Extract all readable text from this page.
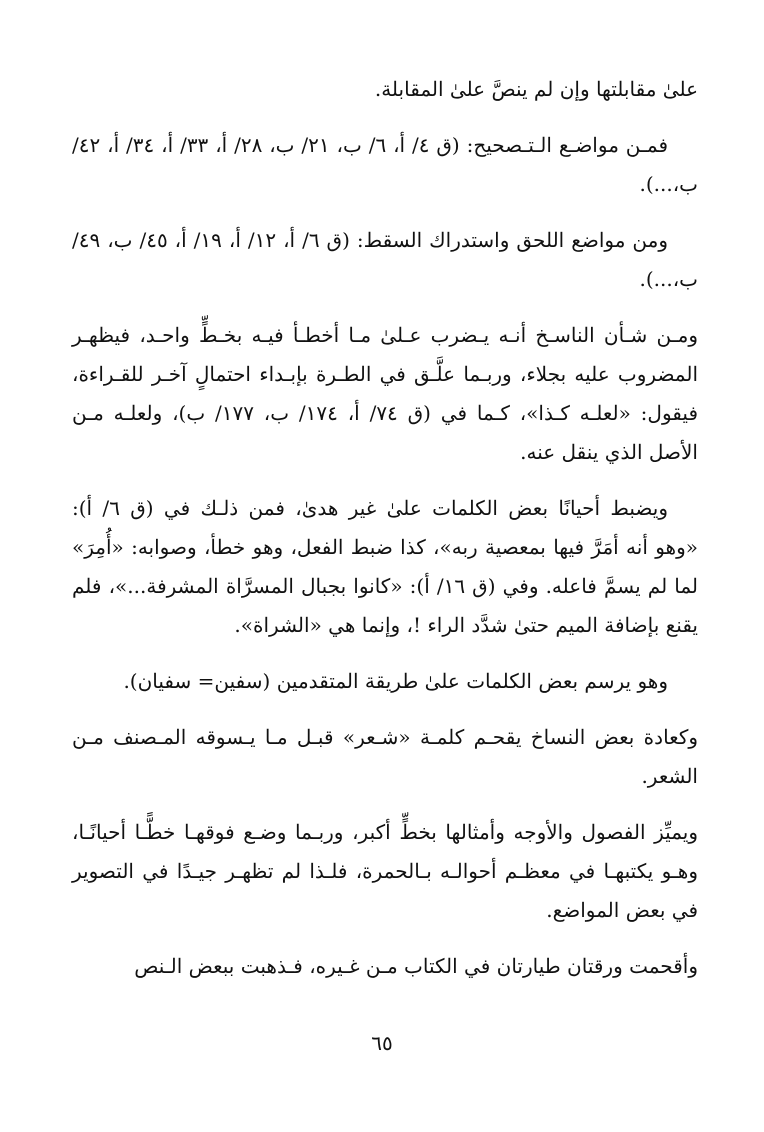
علىٰ مقابلتها وإن لم ينصَّ علىٰ المقابلة.

فمـن مواضـع الـتـصحيح: (ق ٤/ أ، ٦/ ب، ٢١/ ب، ٢٨/ أ، ٣٣/ أ، ٣٤/ أ، ٤٢/ ب،...).

ومن مواضع اللحق واستدراك السقط: (ق ٦/ أ، ١٢/ أ، ١٩/ أ، ٤٥/ ب، ٤٩/ ب،...).

ومـن شـأن الناسـخ أنـه يـضرب عـلىٰ مـا أخطـأ فيـه بخـطٍّ واحـد، فيظهـر المضروب عليه بجلاء، وربـما علَّـق في الطـرة بإبـداء احتمالٍ آخـر للقـراءة، فيقول: «لعلـه كـذا»، كـما في (ق ٧٤/ أ، ١٧٤/ ب، ١٧٧/ ب)، ولعلـه مـن الأصل الذي ينقل عنه.

ويضبط أحيانًا بعض الكلمات علىٰ غير هدىٰ، فمن ذلـك في (ق ٦/ أ): «وهو أنه أمَرَّ فيها بمعصية ربه»، كذا ضبط الفعل، وهو خطأ، وصوابه: «أُمِرَ» لما لم يسمَّ فاعله. وفي (ق ١٦/ أ): «كانوا بجبال المسرَّاة المشرفة...»، فلم يقنع بإضافة الميم حتىٰ شدَّد الراء !، وإنما هي «الشراة».

وهو يرسم بعض الكلمات علىٰ طريقة المتقدمين (سفين= سفيان).

وكعادة بعض النساخ يقحـم كلمـة «شـعر» قبـل مـا يـسوقه المـصنف مـن الشعر.

ويميِّز الفصول والأوجه وأمثالها بخطٍّ أكبر، وربـما وضـع فوقهـا خطًّـا أحيانًـا، وهـو يكتبهـا في معظـم أحوالـه بـالحمرة، فلـذا لم تظهـر جيـدًا في التصوير في بعض المواضع.

وأقحمت ورقتان طيارتان في الكتاب مـن غـيره، فـذهبت ببعض الـنص

٦٥
